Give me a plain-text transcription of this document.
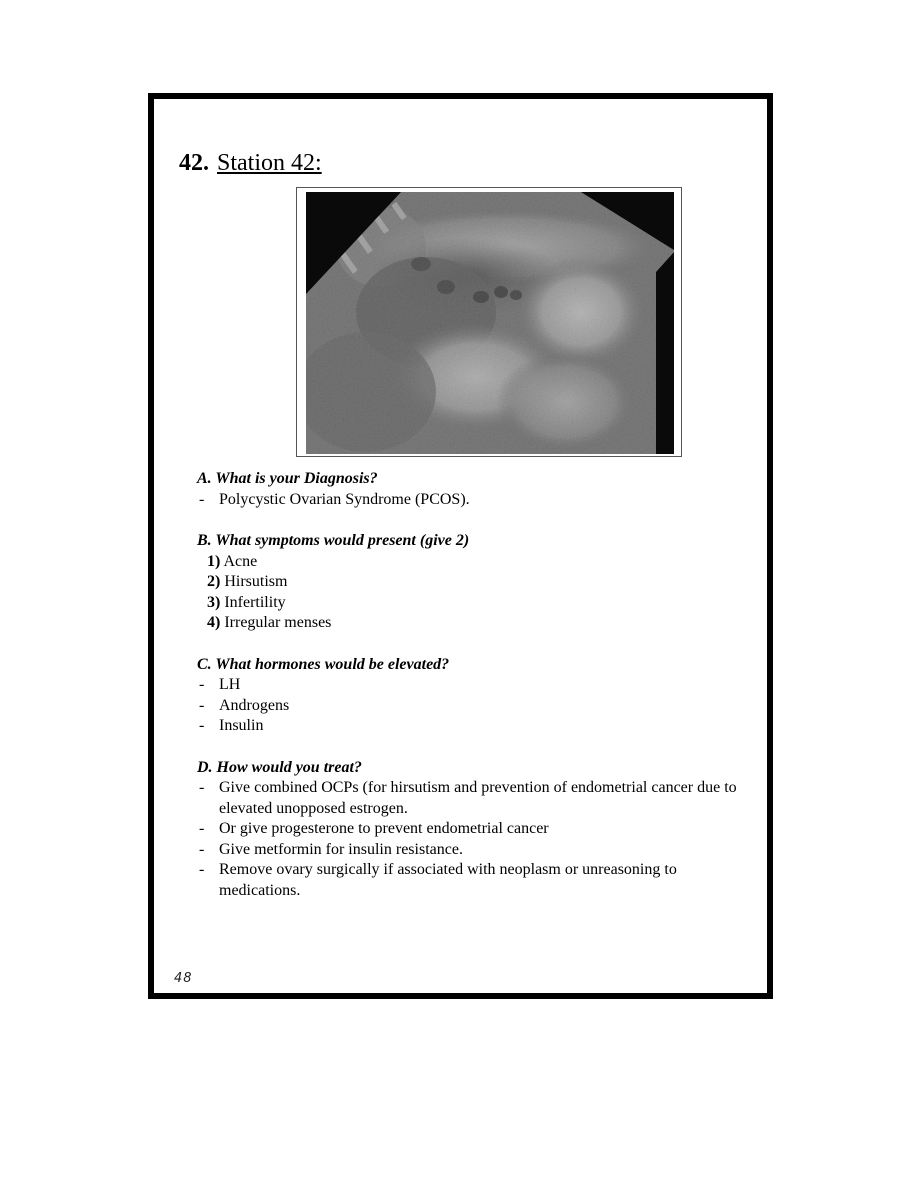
42. Station 42:
A. What is your Diagnosis?
- Polycystic Ovarian Syndrome (PCOS).
B. What symptoms would present (give 2)
1) Acne
2) Hirsutism
3) Infertility
4) Irregular menses
C. What hormones would be elevated?
- LH
- Androgens
- Insulin
D. How would you treat?
- Give combined OCPs (for hirsutism and prevention of endometrial cancer due to elevated unopposed estrogen.
- Or give progesterone to prevent endometrial cancer
- Give metformin for insulin resistance.
- Remove ovary surgically if associated with neoplasm or unreasoning to medications.
48
